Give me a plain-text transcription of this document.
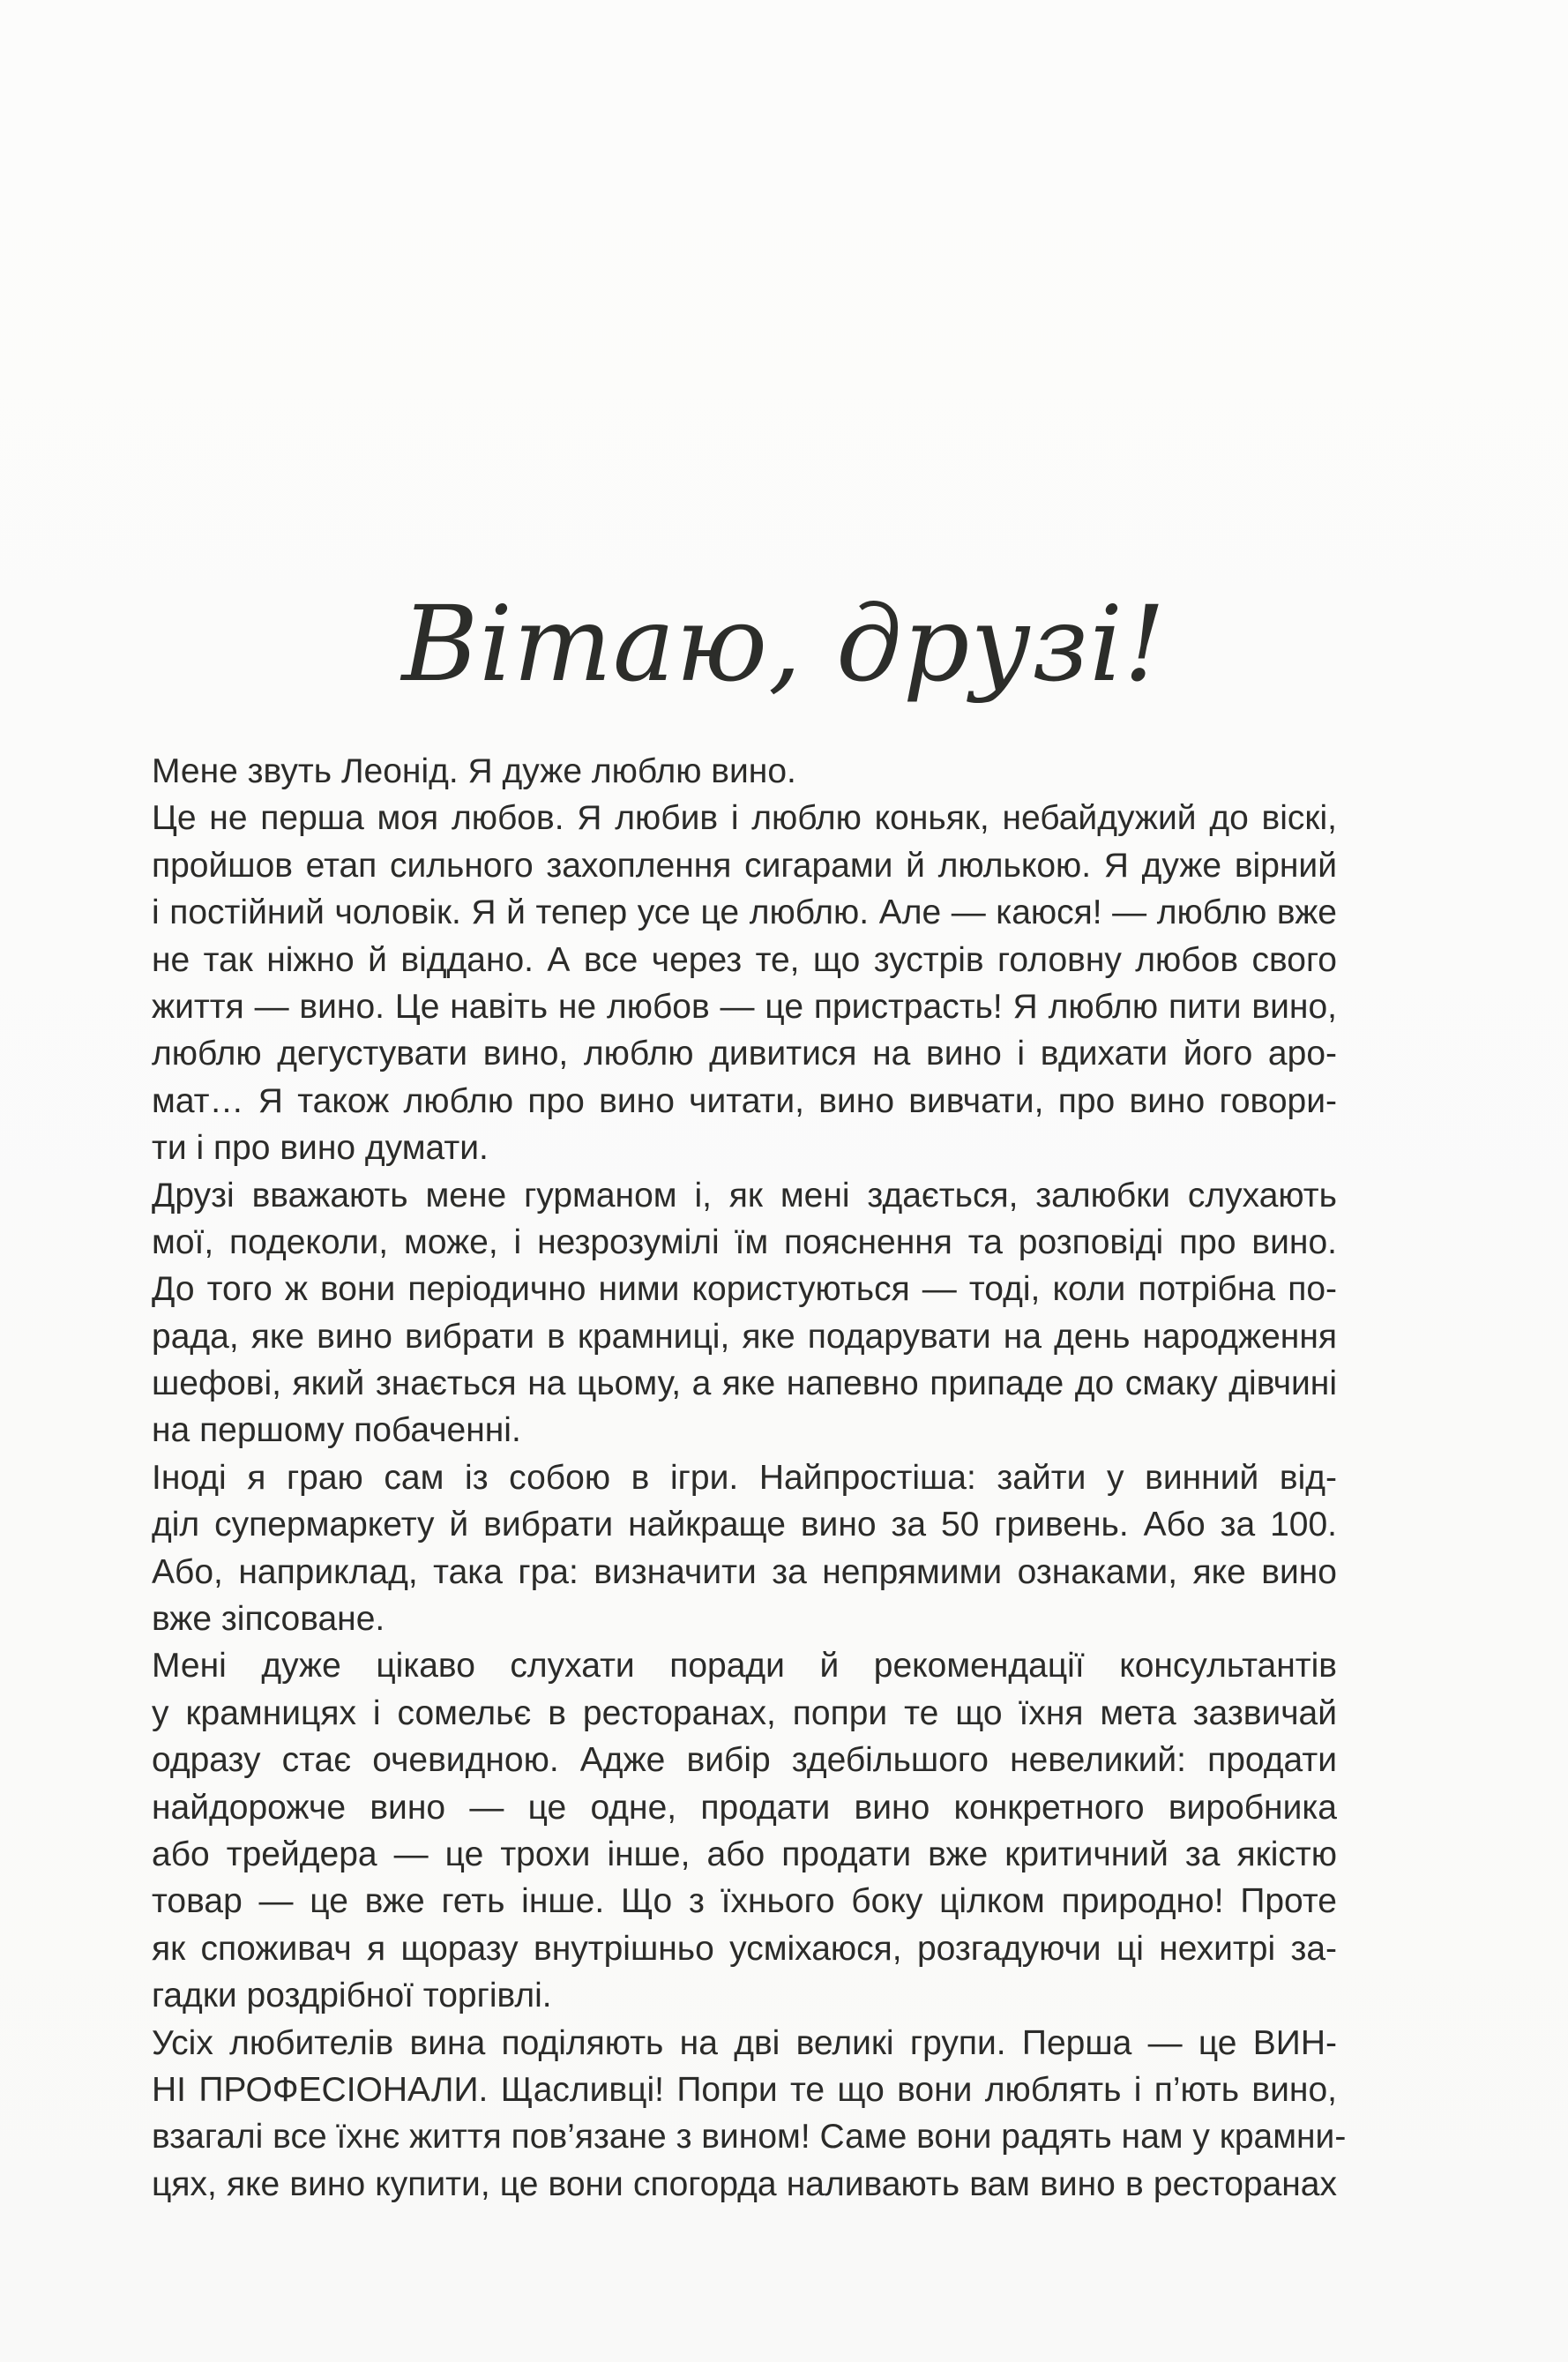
Вітаю, друзі!
Мене звуть Леонід. Я дуже люблю вино.
Це не перша моя любов. Я любив і люблю коньяк, небайдужий до віскі,
пройшов етап сильного захоплення сигарами й люлькою. Я дуже вірний
і постійний чоловік. Я й тепер усе це люблю. Але — каюся! — люблю вже
не так ніжно й віддано. А все через те, що зустрів головну любов свого
життя — вино. Це навіть не любов — це пристрасть! Я люблю пити вино,
люблю дегустувати вино, люблю дивитися на вино і вдихати його аро-
мат… Я також люблю про вино читати, вино вивчати, про вино говори-
ти і про вино думати.
Друзі вважають мене гурманом і, як мені здається, залюбки слухають
мої, подеколи, може, і незрозумілі їм пояснення та розповіді про вино.
До того ж вони періодично ними користуються — тоді, коли потрібна по-
рада, яке вино вибрати в крамниці, яке подарувати на день народження
шефові, який знається на цьому, а яке напевно припаде до смаку дівчині
на першому побаченні.
Іноді я граю сам із собою в ігри. Найпростіша: зайти у винний від-
діл супермаркету й вибрати найкраще вино за 50 гривень. Або за 100.
Або, наприклад, така гра: визначити за непрямими ознаками, яке вино
вже зіпсоване.
Мені дуже цікаво слухати поради й рекомендації консультантів
у крамницях і сомельє в ресторанах, попри те що їхня мета зазвичай
одразу стає очевидною. Адже вибір здебільшого невеликий: продати
найдорожче вино — це одне, продати вино конкретного виробника
або трейдера — це трохи інше, або продати вже критичний за якістю
товар — це вже геть інше. Що з їхнього боку цілком природно! Проте
як споживач я щоразу внутрішньо усміхаюся, розгадуючи ці нехитрі за-
гадки роздрібної торгівлі.
Усіх любителів вина поділяють на дві великі групи. Перша — це ВИН-
НІ ПРОФЕСІОНАЛИ. Щасливці! Попри те що вони люблять і п’ють вино,
взагалі все їхнє життя пов’язане з вином! Саме вони радять нам у крамни-
цях, яке вино купити, це вони спогорда наливають вам вино в ресторанах
